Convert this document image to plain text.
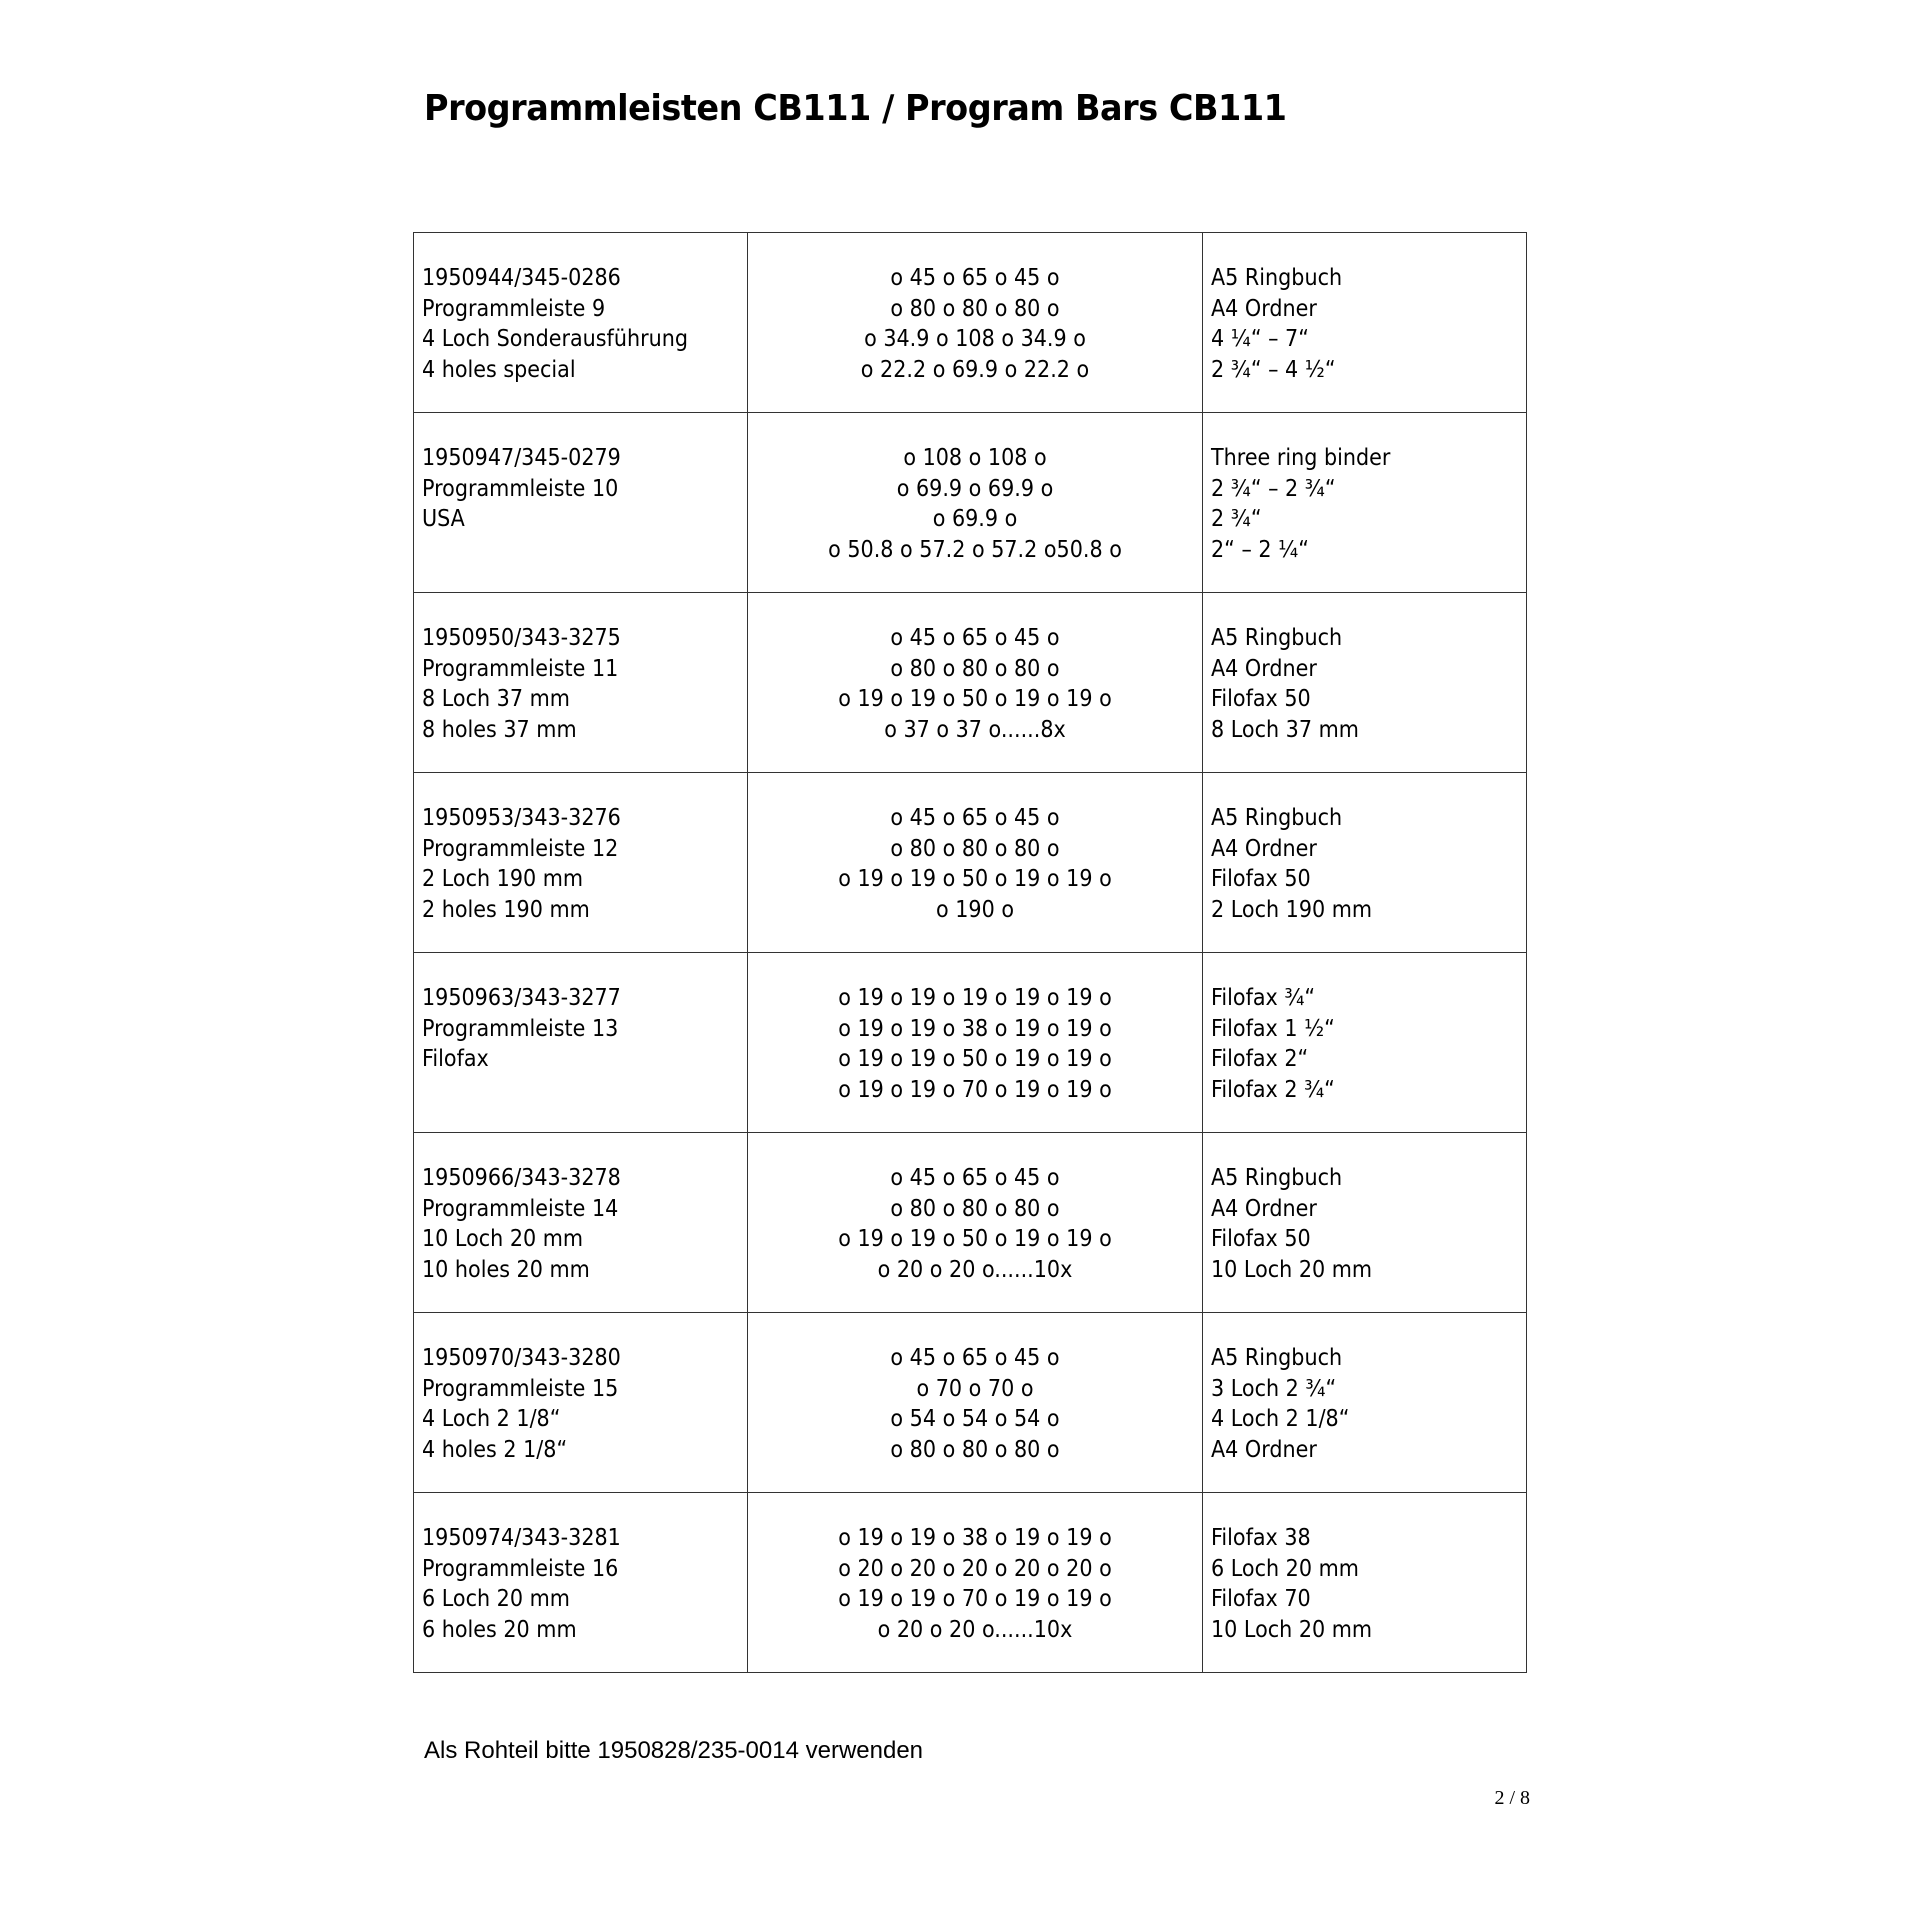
Programmleisten CB111 / Program Bars CB111
1950944/345-0286
Programmleiste 9
4 Loch Sonderausführung
4 holes special	o 45 o 65 o 45 o
o 80 o 80 o 80 o
o 34.9 o 108 o 34.9 o
o 22.2 o 69.9 o 22.2 o	A5 Ringbuch
A4 Ordner
4 ¼“ – 7“
2 ¾“ – 4 ½“

1950947/345-0279
Programmleiste 10
USA	o 108 o 108 o
o 69.9 o 69.9 o
o 69.9 o
o 50.8 o 57.2 o 57.2 o50.8 o	Three ring binder
2 ¾“ – 2 ¾“
2 ¾“
2“ – 2 ¼“

1950950/343-3275
Programmleiste 11
8 Loch 37 mm
8 holes 37 mm	o 45 o 65 o 45 o
o 80 o 80 o 80 o
o 19 o 19 o 50 o 19 o 19 o
o 37 o 37 o......8x	A5 Ringbuch
A4 Ordner
Filofax 50
8 Loch 37 mm

1950953/343-3276
Programmleiste 12
2 Loch 190 mm
2 holes 190 mm	o 45 o 65 o 45 o
o 80 o 80 o 80 o
o 19 o 19 o 50 o 19 o 19 o
o 190 o	A5 Ringbuch
A4 Ordner
Filofax 50
2 Loch 190 mm

1950963/343-3277
Programmleiste 13
Filofax	o 19 o 19 o 19 o 19 o 19 o
o 19 o 19 o 38 o 19 o 19 o
o 19 o 19 o 50 o 19 o 19 o
o 19 o 19 o 70 o 19 o 19 o	Filofax ¾“
Filofax 1 ½“
Filofax 2“
Filofax 2 ¾“

1950966/343-3278
Programmleiste 14
10 Loch 20 mm
10 holes 20 mm	o 45 o 65 o 45 o
o 80 o 80 o 80 o
o 19 o 19 o 50 o 19 o 19 o
o 20 o 20 o......10x	A5 Ringbuch
A4 Ordner
Filofax 50
10 Loch 20 mm

1950970/343-3280
Programmleiste 15
4 Loch 2 1/8“
4 holes 2 1/8“	o 45 o 65 o 45 o
o 70 o 70 o
o 54 o 54 o 54 o
o 80 o 80 o 80 o	A5 Ringbuch
3 Loch 2 ¾“
4 Loch 2 1/8“
A4 Ordner

1950974/343-3281
Programmleiste 16
6 Loch 20 mm
6 holes 20 mm	o 19 o 19 o 38 o 19 o 19 o
o 20 o 20 o 20 o 20 o 20 o
o 19 o 19 o 70 o 19 o 19 o
o 20 o 20 o......10x	Filofax 38
6 Loch 20 mm
Filofax 70
10 Loch 20 mm
Als Rohteil bitte 1950828/235-0014 verwenden
2 / 8
